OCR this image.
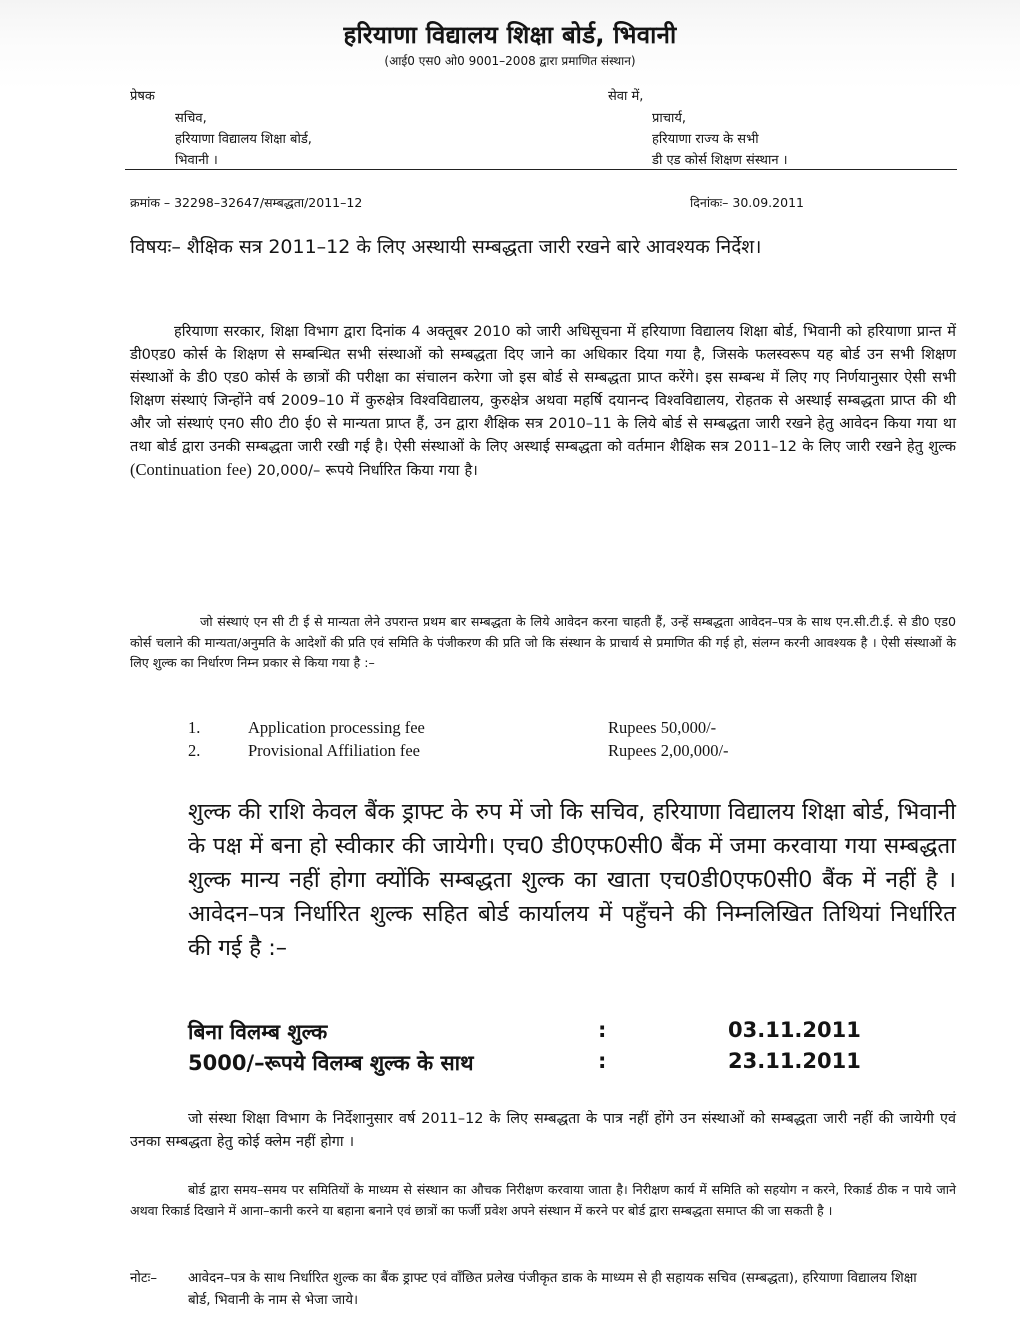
हरियाणा विद्यालय शिक्षा बोर्ड, भिवानी
(आई0 एस0 ओ0 9001–2008 द्वारा प्रमाणित संस्थान)
प्रेषक
सचिव,
हरियाणा विद्यालय शिक्षा बोर्ड,
भिवानी ।
सेवा में,
प्राचार्य,
हरियाणा राज्य के सभी
डी एड कोर्स शिक्षण संस्थान ।
क्रमांक – 32298–32647/सम्बद्धता/2011–12	दिनांकः– 30.09.2011
विषयः– शैक्षिक सत्र 2011–12 के लिए अस्थायी सम्बद्धता जारी रखने बारे आवश्यक निर्देश।
हरियाणा सरकार, शिक्षा विभाग द्वारा दिनांक 4 अक्तूबर 2010 को जारी अधिसूचना में हरियाणा विद्यालय शिक्षा बोर्ड, भिवानी को हरियाणा प्रान्त में डी0एड0 कोर्स के शिक्षण से सम्बन्धित सभी संस्थाओं को सम्बद्धता दिए जाने का अधिकार दिया गया है, जिसके फलस्वरूप यह बोर्ड उन सभी शिक्षण संस्थाओं के डी0 एड0 कोर्स के छात्रों की परीक्षा का संचालन करेगा जो इस बोर्ड से सम्बद्धता प्राप्त करेंगे। इस सम्बन्ध में लिए गए निर्णयानुसार ऐसी सभी शिक्षण संस्थाएं जिन्होंने वर्ष 2009–10 में कुरुक्षेत्र विश्वविद्यालय, कुरुक्षेत्र अथवा महर्षि दयानन्द विश्वविद्यालय, रोहतक से अस्थाई सम्बद्धता प्राप्त की थी और जो संस्थाएं एन0 सी0 टी0 ई0 से मान्यता प्राप्त हैं, उन द्वारा शैक्षिक सत्र 2010–11 के लिये बोर्ड से सम्बद्धता जारी रखने हेतु आवेदन किया गया था तथा बोर्ड द्वारा उनकी सम्बद्धता जारी रखी गई है। ऐसी संस्थाओं के लिए अस्थाई सम्बद्धता को वर्तमान शैक्षिक सत्र 2011–12 के लिए जारी रखने हेतु शुल्क (Continuation fee) 20,000/– रूपये निर्धारित किया गया है।
जो संस्थाएं एन सी टी ई से मान्यता लेने उपरान्त प्रथम बार सम्बद्धता के लिये आवेदन करना चाहती हैं, उन्हें सम्बद्धता आवेदन–पत्र के साथ एन.सी.टी.ई. से डी0 एड0 कोर्स चलाने की मान्यता/अनुमति के आदेशों की प्रति एवं समिति के पंजीकरण की प्रति जो कि संस्थान के प्राचार्य से प्रमाणित की गई हो, संलग्न करनी आवश्यक है । ऐसी संस्थाओं के लिए शुल्क का निर्धारण निम्न प्रकार से किया गया है :–
1.	Application processing fee	Rupees 50,000/-
2.	Provisional Affiliation fee	Rupees 2,00,000/-
शुल्क की राशि केवल बैंक ड्राफ्ट के रुप में जो कि सचिव, हरियाणा विद्यालय शिक्षा बोर्ड, भिवानी के पक्ष में बना हो स्वीकार की जायेगी। एच0 डी0एफ0सी0 बैंक में जमा करवाया गया सम्बद्धता शुल्क मान्य नहीं होगा क्योंकि सम्बद्धता शुल्क का खाता एच0डी0एफ0सी0 बैंक में नहीं है । आवेदन–पत्र निर्धारित शुल्क सहित बोर्ड कार्यालय में पहुँचने की निम्नलिखित तिथियां निर्धारित की गई है :–
बिना विलम्ब शुल्क	:	03.11.2011
5000/–रूपये विलम्ब शुल्क के साथ	:	23.11.2011
जो संस्था शिक्षा विभाग के निर्देशानुसार वर्ष 2011–12 के लिए सम्बद्धता के पात्र नहीं होंगे उन संस्थाओं को सम्बद्धता जारी नहीं की जायेगी एवं उनका सम्बद्धता हेतु कोई क्लेम नहीं होगा ।
बोर्ड द्वारा समय–समय पर समितियों के माध्यम से संस्थान का औचक निरीक्षण करवाया जाता है। निरीक्षण कार्य में समिति को सहयोग न करने, रिकार्ड ठीक न पाये जाने अथवा रिकार्ड दिखाने में आना–कानी करने या बहाना बनाने एवं छात्रों का फर्जी प्रवेश अपने संस्थान में करने पर बोर्ड द्वारा सम्बद्धता समाप्त की जा सकती है ।
नोटः– आवेदन–पत्र के साथ निर्धारित शुल्क का बैंक ड्राफ्ट एवं वाँछित प्रलेख पंजीकृत डाक के माध्यम से ही सहायक सचिव (सम्बद्धता), हरियाणा विद्यालय शिक्षा बोर्ड, भिवानी के नाम से भेजा जाये।
